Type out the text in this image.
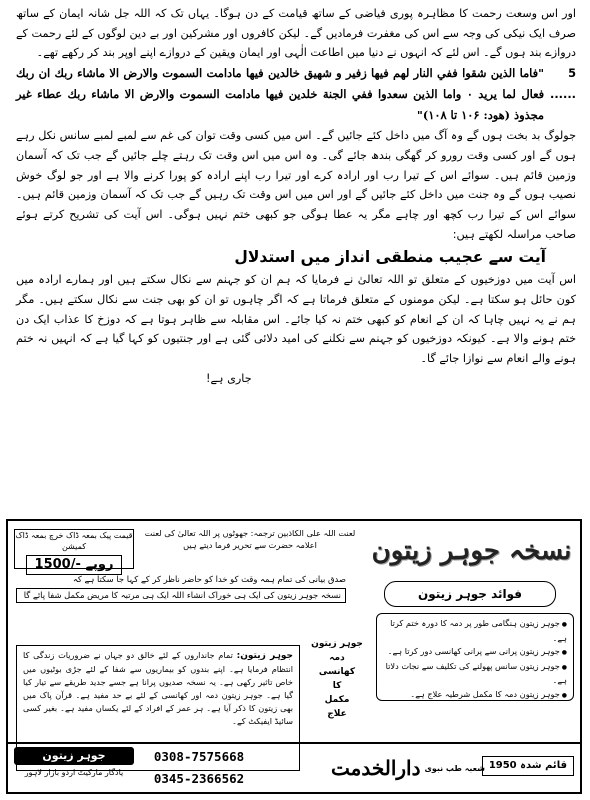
اور اس وسعت رحمت کا مظاہرہ پوری فیاضی کے ساتھ قیامت کے دن ہوگا۔ یہاں تک کہ اللہ جل شانہ ایمان کے ساتھ صرف ایک نیکی کی وجہ سے اس کی مغفرت فرمادیں گے۔ لیکن کافروں اور مشرکین اور بے دین لوگوں کے لئے رحمت کے دروازے بند ہوں گے۔ اس لئے کہ انہوں نے دنیا میں اطاعت الٰہی اور ایمان ویقین کے دروازے اپنے اوپر بند کر رکھے تھے۔

5 ......
"فاما الذين شقوا ففي النار لهم فيها زفير و شهيق خالدين فيها مادامت السموت والارض الا ماشاء ربك ان ربك فعال لما يريد ۰ واما الذين سعدوا ففي الجنة خلدين فيها مادامت السموت والارض الا ماشاء ربك عطاء غير مجذوذ (ھود: ۱۰۶ تا ۱۰۸)"

جولوگ بد بخت ہوں گے وہ آگ میں داخل کئے جائیں گے۔ اس میں کسی وقت توان کی غم سے لمبے لمبے سانس نکل رہے ہوں گے اور کسی وقت رورو کر گھگی بندھ جائے گی۔ وہ اس میں اس وقت تک رہتے چلے جائیں گے جب تک کہ آسمان وزمین قائم ہیں۔ سوائے اس کے تیرا رب اور ارادہ کرے اور تیرا رب اپنے ارادہ کو پورا کرنے والا ہے اور جو لوگ خوش نصیب ہوں گے وہ جنت میں داخل کئے جائیں گے اور اس میں اس وقت تک رہیں گے جب تک کہ آسمان وزمین قائم ہیں۔ سوائے اس کے تیرا رب کچھ اور چاہے مگر یہ عطا ہوگی جو کبھی ختم نہیں ہوگی۔ اس آیت کی تشریح کرتے ہوئے صاحب مراسلہ لکھتے ہیں:

آیت سے عجیب منطقی انداز میں استدلال

اس آیت میں دوزخیوں کے متعلق تو اللہ تعالیٰ نے فرمایا کہ ہم ان کو جہنم سے نکال سکتے ہیں اور ہمارے ارادہ میں کون حائل ہو سکتا ہے۔ لیکن مومنوں کے متعلق فرماتا ہے کہ اگر چاہوں تو ان کو بھی جنت سے نکال سکتے ہیں۔ مگر ہم نے یہ نہیں چاہا کہ ان کے انعام کو کبھی ختم نہ کیا جائے۔ اس مقابلہ سے ظاہر ہوتا ہے کہ دوزخ کا عذاب ایک دن ختم ہونے والا ہے۔ کیونکہ دوزخیوں کو جہنم سے نکلنے کی امید دلائی گئی ہے اور جنتیوں کو کہا گیا ہے کہ انہیں نہ ختم ہونے والے انعام سے نوازا جائے گا۔

جاری ہے!
نسخہ جوہر زیتون
فوائد جوہر زیتون
لعنت اللہ علی الکاذبین ترجمہ: جھوٹوں پر اللہ تعالیٰ کی لعنت
اعلامہ حضرت سے تحریر فرما دیتے ہیں
قیمت پیک بمعہ ڈاک خرچ بمعہ ڈاک کمیشن
1500/- روپے

صدق بیانی کی تمام ہمہ وقت کو خدا کو حاضر ناظر کر کے کہا جا سکتا ہے کہ

نسخہ جوہر زیتون کی ایک ہی خوراک انشاء اللہ ایک ہی مرتبہ کا مریض مکمل شفا پائے گا

● جوہر زیتون ہنگامی طور پر دمہ کا دورہ ختم کرتا ہے۔
● جوہر زیتون پرانی سے پرانی کھانسی دور کرتا ہے۔
● جوہر زیتون سانس پھولنے کی تکلیف سے نجات دلاتا ہے۔
● جوہر زیتون دمہ کا مکمل شرطیہ علاج ہے۔
جوہر زیتون
دمہ
کھانسی
کا
مکمل
علاج
جوہر زیتون: تمام جانداروں کے لئے خالق دو جہاں نے ضروریات زندگی کا انتظام فرمایا ہے۔ اپنے بندوں کو بیماریوں سے شفا کے لئے جڑی بوٹیوں میں خاص تاثیر رکھی ہے۔ یہ نسخہ صدیوں پرانا ہے جسے جدید طریقے سے تیار کیا گیا ہے۔ جوہر زیتون دمہ اور کھانسی کے لئے بے حد مفید ہے۔ قرآن پاک میں بھی زیتون کا ذکر آیا ہے۔ ہر عمر کے افراد کے لئے یکساں مفید ہے۔ بغیر کسی سائیڈ ایفیکٹ کے۔
قائم شدہ 1950
شعبہ طب نبوی
دارالخدمت
0308-7575668
0345-2366562
جوہر زیتون
یادگار مارکیٹ اردو بازار لاہور
